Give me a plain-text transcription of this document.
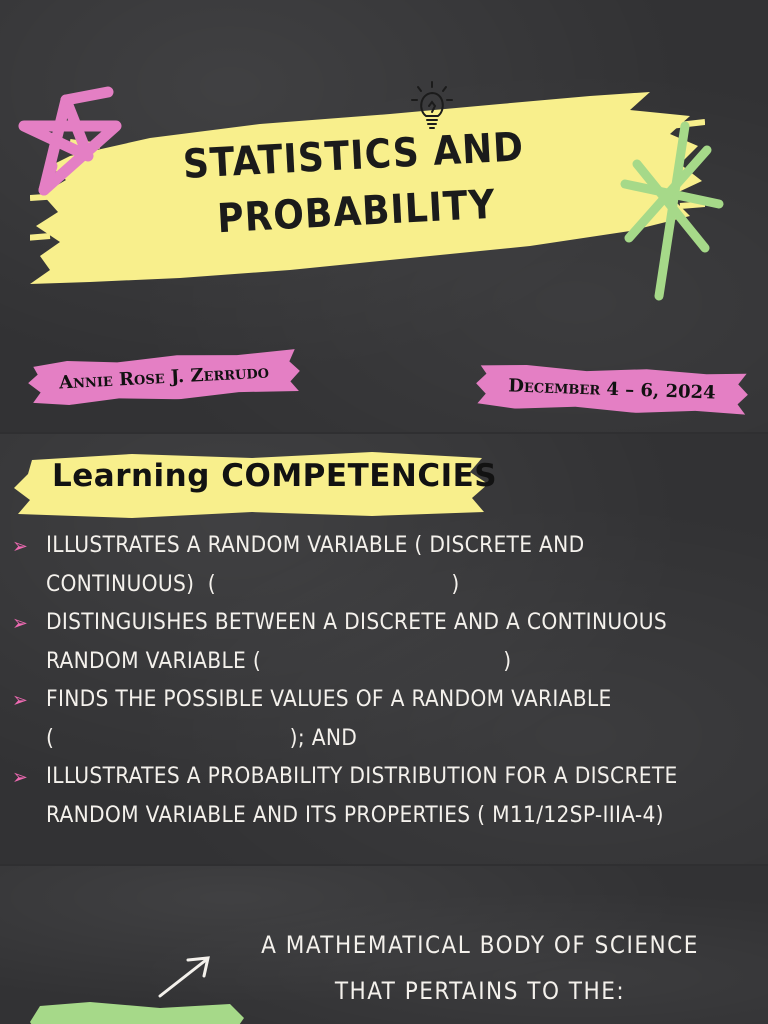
STATISTICS AND
PROBABILITY
Annie Rose J. Zerrudo	December 4 – 6, 2024
Learning COMPETENCIES
➢ ILLUSTRATES A RANDOM VARIABLE ( DISCRETE AND
CONTINUOUS)  (                                   )
➢ DISTINGUISHES BETWEEN A DISCRETE AND A CONTINUOUS
RANDOM VARIABLE (                                    )
➢ FINDS THE POSSIBLE VALUES OF A RANDOM VARIABLE
(                                   ); AND
➢ ILLUSTRATES A PROBABILITY DISTRIBUTION FOR A DISCRETE
RANDOM VARIABLE AND ITS PROPERTIES ( M11/12SP-IIIA-4)
A MATHEMATICAL BODY OF SCIENCE
THAT PERTAINS TO THE:
